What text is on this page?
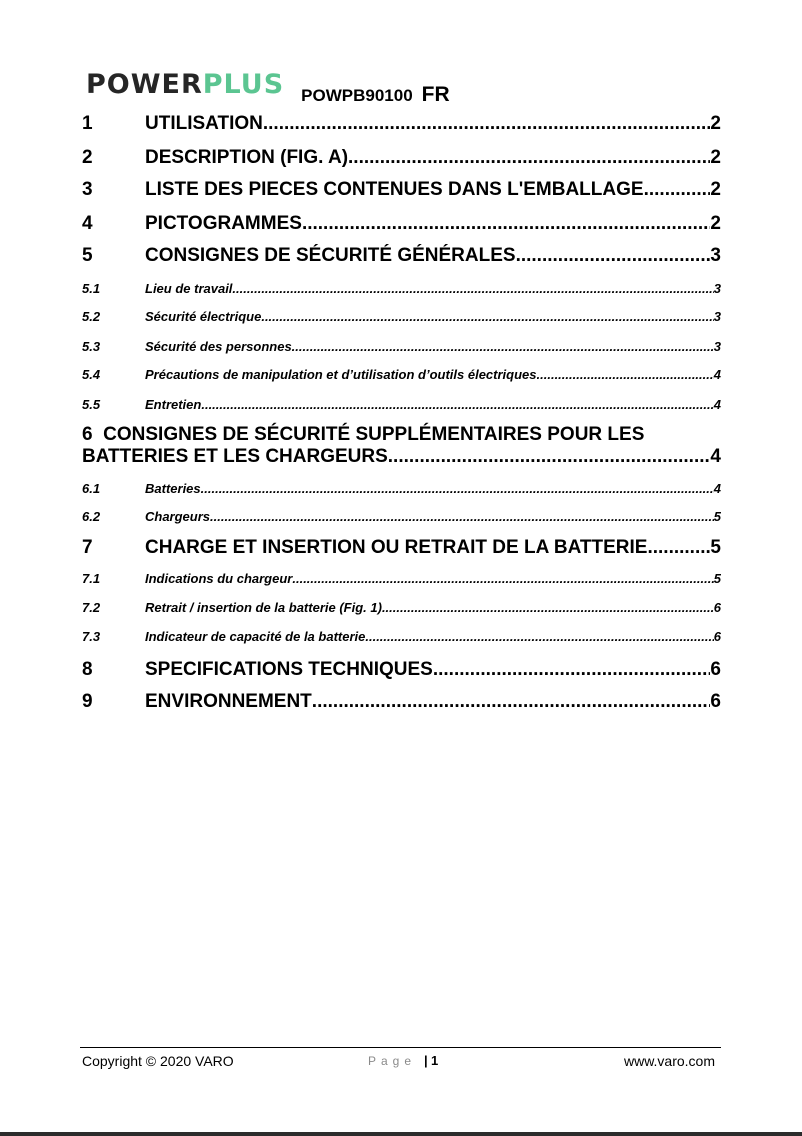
POWERPLUS POWPB90100 FR
1	UTILISATION .....	2
2	DESCRIPTION (FIG. A) .....	2
3	LISTE DES PIECES CONTENUES DANS L'EMBALLAGE .....	2
4	PICTOGRAMMES .....	2
5	CONSIGNES DE SÉCURITÉ GÉNÉRALES .....	3
5.1	Lieu de travail .....	3
5.2	Sécurité électrique .....	3
5.3	Sécurité des personnes .....	3
5.4	Précautions de manipulation et d’utilisation d’outils électriques .....	4
5.5	Entretien .....	4
6 CONSIGNES DE SÉCURITÉ SUPPLÉMENTAIRES POUR LES
BATTERIES ET LES CHARGEURS .....	4
6.1	Batteries .....	4
6.2	Chargeurs .....	5
7	CHARGE ET INSERTION OU RETRAIT DE LA BATTERIE .....	5
7.1	Indications du chargeur .....	5
7.2	Retrait / insertion de la batterie (Fig. 1) .....	6
7.3	Indicateur de capacité de la batterie .....	6
8	SPECIFICATIONS TECHNIQUES .....	6
9	ENVIRONNEMENT .....	6
Copyright © 2020 VARO	Page | 1	www.varo.com
